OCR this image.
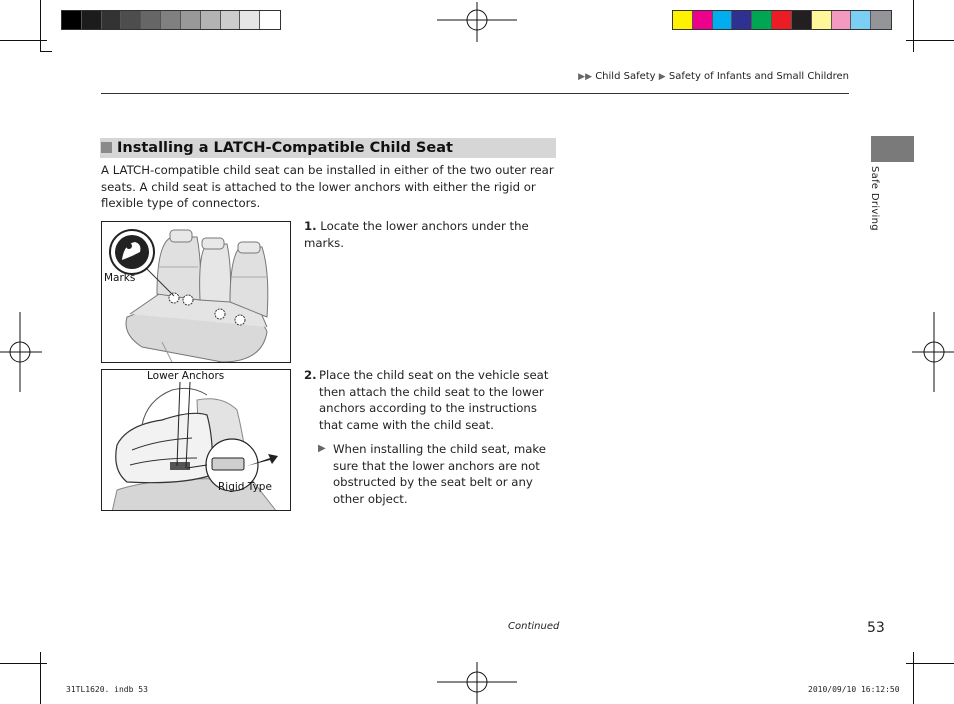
▶▶ Child Safety ▶ Safety of Infants and Small Children
Installing a LATCH-Compatible Child Seat
A LATCH-compatible child seat can be installed in either of the two outer rear seats. A child seat is attached to the lower anchors with either the rigid or flexible type of connectors.
Marks
1. Locate the lower anchors under the marks.
Lower Anchors
Rigid Type
2. Place the child seat on the vehicle seat then attach the child seat to the lower anchors according to the instructions that came with the child seat.
▶ When installing the child seat, make sure that the lower anchors are not obstructed by the seat belt or any other object.
Safe Driving
Continued	53
31TL1620. indb 53	2010/09/10 16:12:50
